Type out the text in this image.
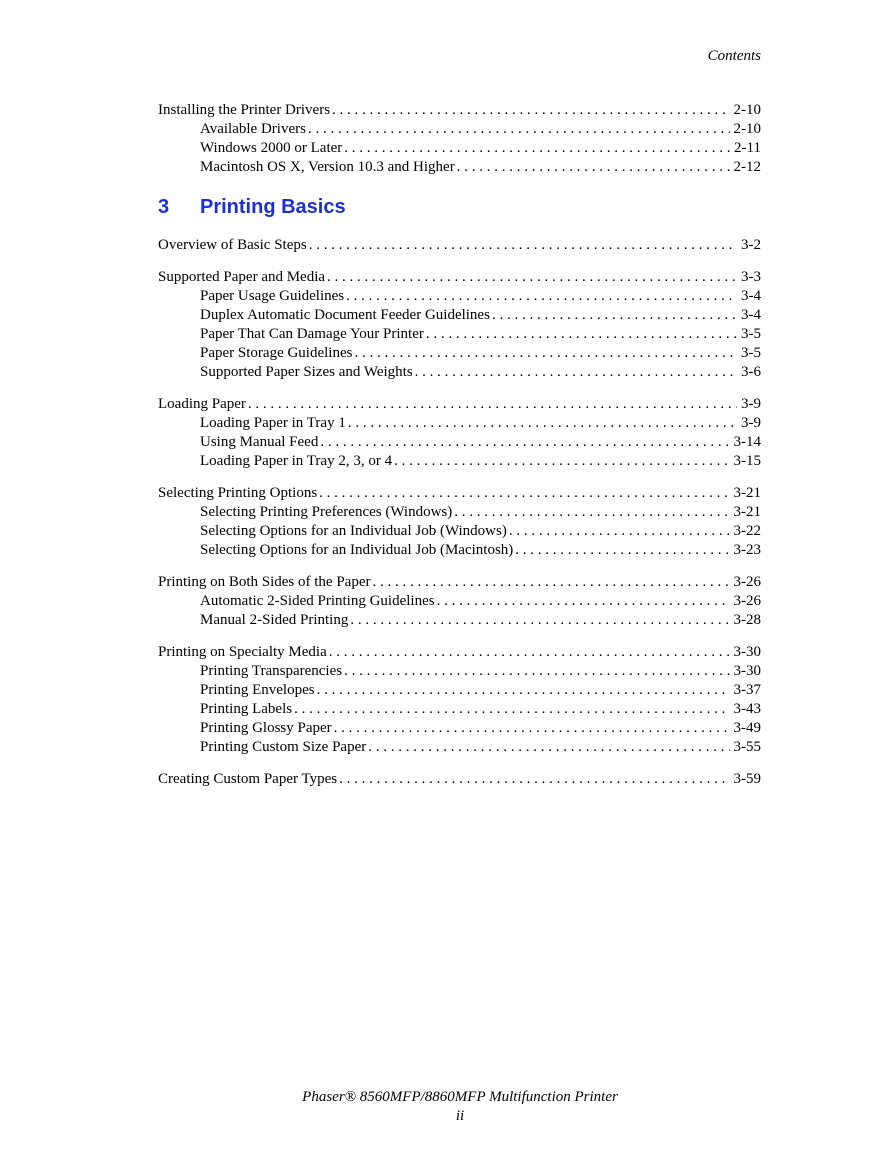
Contents
Installing the Printer Drivers . . .	2-10
Available Drivers . . .	2-10
Windows 2000 or Later . . .	2-11
Macintosh OS X, Version 10.3 and Higher . . .	2-12
3	Printing Basics
Overview of Basic Steps . . .	3-2
Supported Paper and Media . . .	3-3
Paper Usage Guidelines . . .	3-4
Duplex Automatic Document Feeder Guidelines . . .	3-4
Paper That Can Damage Your Printer . . .	3-5
Paper Storage Guidelines . . .	3-5
Supported Paper Sizes and Weights . . .	3-6
Loading Paper . . .	3-9
Loading Paper in Tray 1 . . .	3-9
Using Manual Feed . . .	3-14
Loading Paper in Tray 2, 3, or 4 . . .	3-15
Selecting Printing Options . . .	3-21
Selecting Printing Preferences (Windows) . . .	3-21
Selecting Options for an Individual Job (Windows) . . .	3-22
Selecting Options for an Individual Job (Macintosh) . . .	3-23
Printing on Both Sides of the Paper . . .	3-26
Automatic 2-Sided Printing Guidelines . . .	3-26
Manual 2-Sided Printing . . .	3-28
Printing on Specialty Media . . .	3-30
Printing Transparencies . . .	3-30
Printing Envelopes . . .	3-37
Printing Labels . . .	3-43
Printing Glossy Paper . . .	3-49
Printing Custom Size Paper . . .	3-55
Creating Custom Paper Types . . .	3-59
Phaser® 8560MFP/8860MFP Multifunction Printer
ii
